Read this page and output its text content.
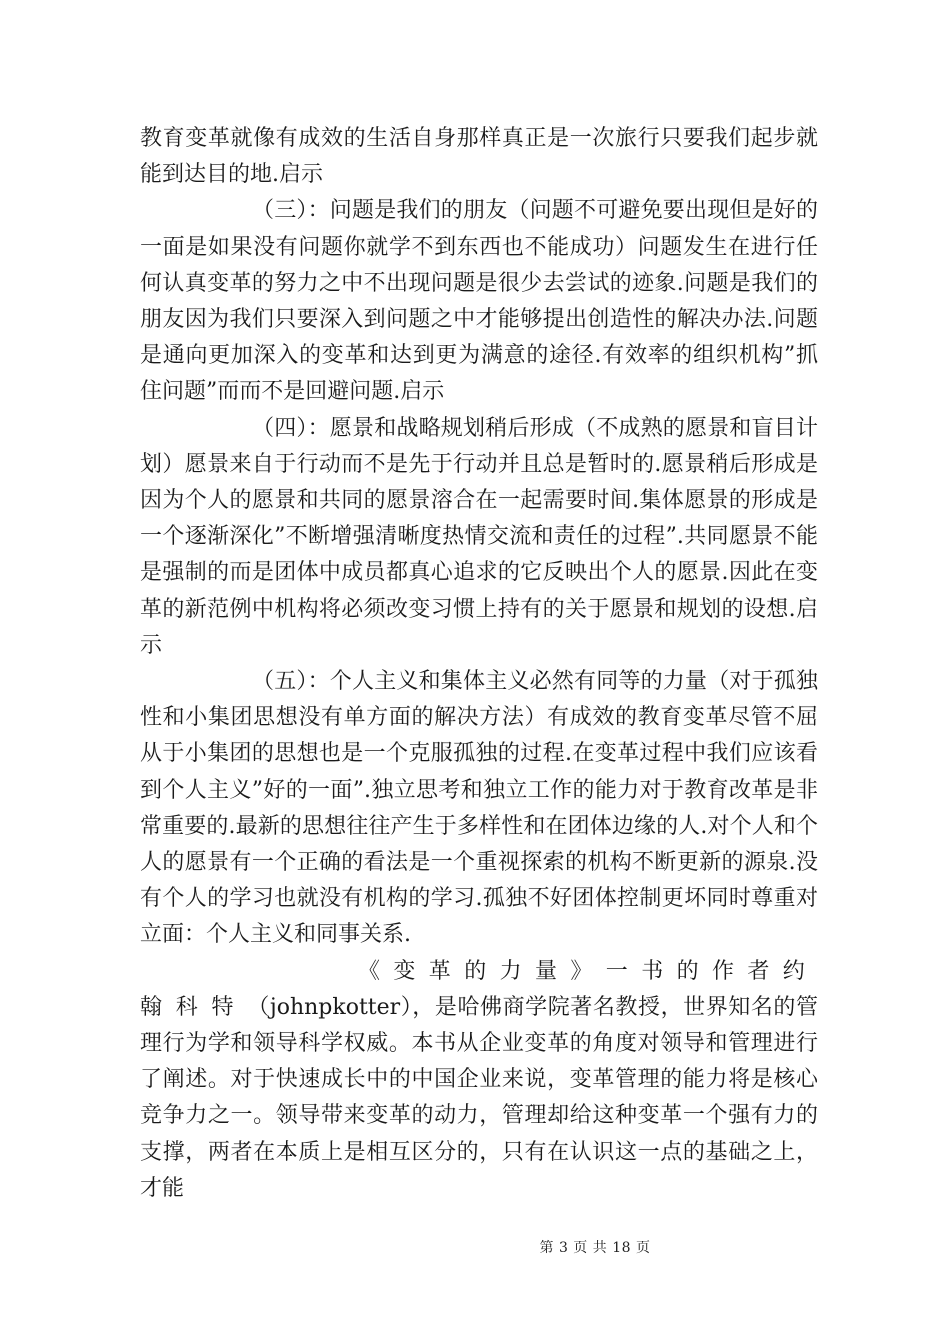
教育变革就像有成效的生活自身那样真正是一次旅行只要我们起步就能到达目的地.启示

（三）：问题是我们的朋友（问题不可避免要出现但是好的一面是如果没有问题你就学不到东西也不能成功）问题发生在进行任何认真变革的努力之中不出现问题是很少去尝试的迹象.问题是我们的朋友因为我们只要深入到问题之中才能够提出创造性的解决办法.问题是通向更加深入的变革和达到更为满意的途径.有效率的组织机构”抓住问题”而而不是回避问题.启示

（四）：愿景和战略规划稍后形成（不成熟的愿景和盲目计划）愿景来自于行动而不是先于行动并且总是暂时的.愿景稍后形成是因为个人的愿景和共同的愿景溶合在一起需要时间.集体愿景的形成是一个逐渐深化”不断增强清晰度热情交流和责任的过程”.共同愿景不能是强制的而是团体中成员都真心追求的它反映出个人的愿景.因此在变革的新范例中机构将必须改变习惯上持有的关于愿景和规划的设想.启示

（五）：个人主义和集体主义必然有同等的力量（对于孤独性和小集团思想没有单方面的解决方法）有成效的教育变革尽管不屈从于小集团的思想也是一个克服孤独的过程.在变革过程中我们应该看到个人主义”好的一面”.独立思考和独立工作的能力对于教育改革是非常重要的.最新的思想往往产生于多样性和在团体边缘的人.对个人和个人的愿景有一个正确的看法是一个重视探索的机构不断更新的源泉.没有个人的学习也就没有机构的学习.孤独不好团体控制更坏同时尊重对立面：个人主义和同事关系.

《变革的力量》一书的作者约翰科特（johnpkotter），是哈佛商学院著名教授，世界知名的管理行为学和领导科学权威。本书从企业变革的角度对领导和管理进行了阐述。对于快速成长中的中国企业来说，变革管理的能力将是核心竞争力之一。领导带来变革的动力，管理却给这种变革一个强有力的支撑，两者在本质上是相互区分的，只有在认识这一点的基础之上，才能

第 3 页 共 18 页
